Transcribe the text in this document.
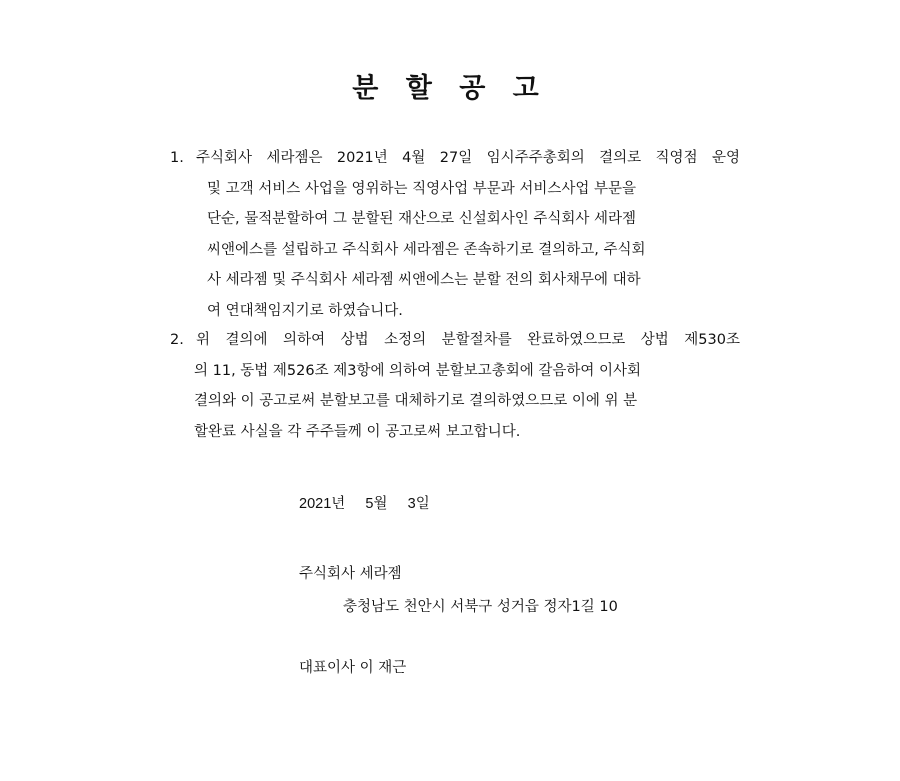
분 할 공 고
1. 주식회사 세라젬은 2021년 4월 27일 임시주주총회의 결의로 직영점 운영
및 고객 서비스 사업을 영위하는 직영사업 부문과 서비스사업 부문을
단순, 물적분할하여 그 분할된 재산으로 신설회사인 주식회사 세라젬
씨앤에스를 설립하고 주식회사 세라젬은 존속하기로 결의하고, 주식회
사 세라젬 및 주식회사 세라젬 씨앤에스는 분할 전의 회사채무에 대하
여 연대책임지기로 하였습니다.
2. 위 결의에 의하여 상법 소정의 분할절차를 완료하였으므로 상법 제530조
의 11, 동법 제526조 제3항에 의하여 분할보고총회에 갈음하여 이사회
결의와 이 공고로써 분할보고를 대체하기로 결의하였으므로 이에 위 분
할완료 사실을 각 주주들께 이 공고로써 보고합니다.
2021년 5월 3일
주식회사 세라젬
충청남도 천안시 서북구 성거읍 정자1길 10
대표이사 이 재근
